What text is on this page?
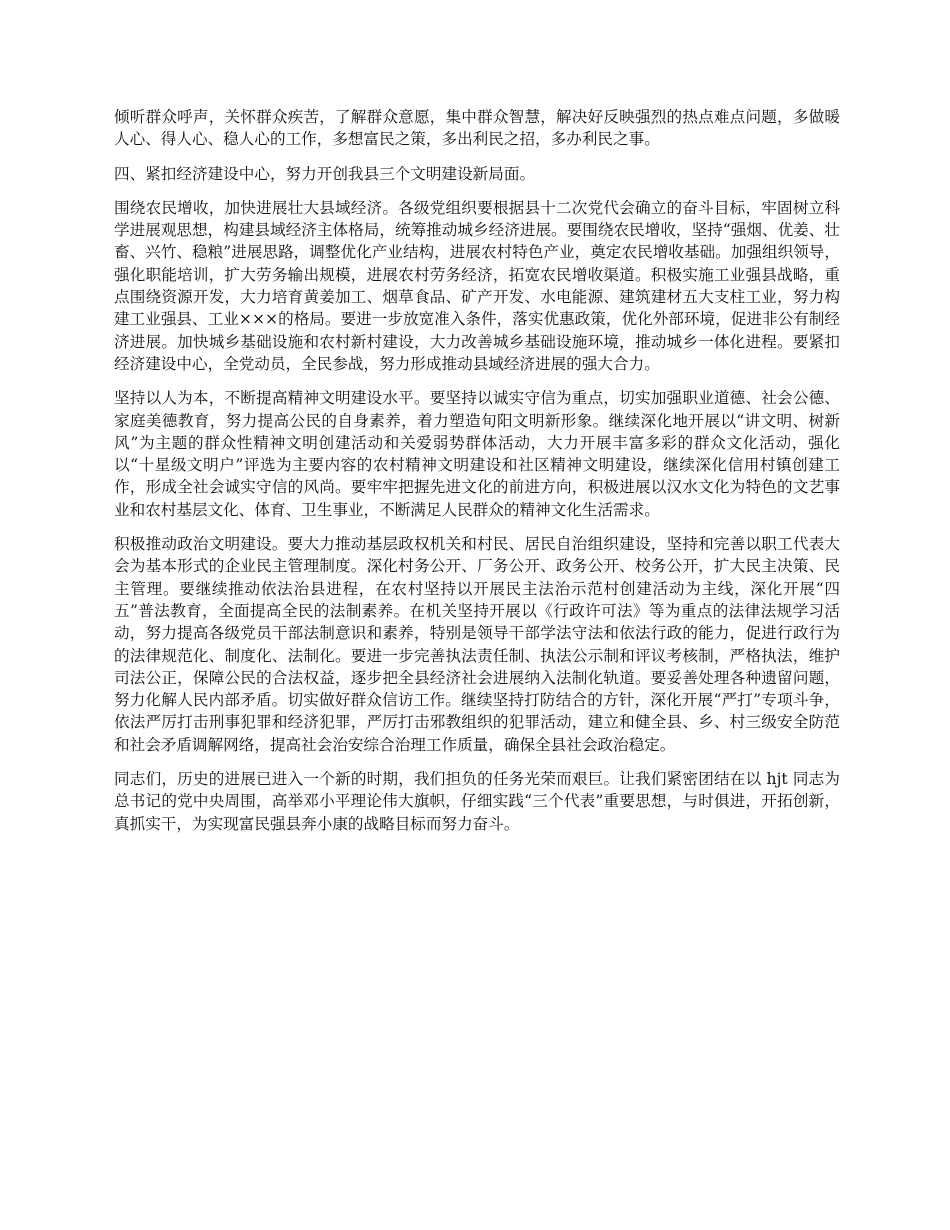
倾听群众呼声，关怀群众疾苦，了解群众意愿，集中群众智慧，解决好反映强烈的热点难点问题，多做暖人心、得人心、稳人心的工作，多想富民之策，多出利民之招，多办利民之事。

四、紧扣经济建设中心，努力开创我县三个文明建设新局面。

围绕农民增收，加快进展壮大县域经济。各级党组织要根据县十二次党代会确立的奋斗目标，牢固树立科学进展观思想，构建县域经济主体格局，统筹推动城乡经济进展。要围绕农民增收，坚持“强烟、优姜、壮畜、兴竹、稳粮”进展思路，调整优化产业结构，进展农村特色产业，奠定农民增收基础。加强组织领导，强化职能培训，扩大劳务输出规模，进展农村劳务经济，拓宽农民增收渠道。积极实施工业强县战略，重点围绕资源开发，大力培育黄姜加工、烟草食品、矿产开发、水电能源、建筑建材五大支柱工业，努力构建工业强县、工业×××的格局。要进一步放宽准入条件，落实优惠政策，优化外部环境，促进非公有制经济进展。加快城乡基础设施和农村新村建设，大力改善城乡基础设施环境，推动城乡一体化进程。要紧扣经济建设中心，全党动员，全民参战，努力形成推动县域经济进展的强大合力。

坚持以人为本，不断提高精神文明建设水平。要坚持以诚实守信为重点，切实加强职业道德、社会公德、家庭美德教育，努力提高公民的自身素养，着力塑造旬阳文明新形象。继续深化地开展以“讲文明、树新风”为主题的群众性精神文明创建活动和关爱弱势群体活动，大力开展丰富多彩的群众文化活动，强化以“十星级文明户”评选为主要内容的农村精神文明建设和社区精神文明建设，继续深化信用村镇创建工作，形成全社会诚实守信的风尚。要牢牢把握先进文化的前进方向，积极进展以汉水文化为特色的文艺事业和农村基层文化、体育、卫生事业，不断满足人民群众的精神文化生活需求。

积极推动政治文明建设。要大力推动基层政权机关和村民、居民自治组织建设，坚持和完善以职工代表大会为基本形式的企业民主管理制度。深化村务公开、厂务公开、政务公开、校务公开，扩大民主决策、民主管理。要继续推动依法治县进程，在农村坚持以开展民主法治示范村创建活动为主线，深化开展“四五”普法教育，全面提高全民的法制素养。在机关坚持开展以《行政许可法》等为重点的法律法规学习活动，努力提高各级党员干部法制意识和素养，特别是领导干部学法守法和依法行政的能力，促进行政行为的法律规范化、制度化、法制化。要进一步完善执法责任制、执法公示制和评议考核制，严格执法，维护司法公正，保障公民的合法权益，逐步把全县经济社会进展纳入法制化轨道。要妥善处理各种遗留问题，努力化解人民内部矛盾。切实做好群众信访工作。继续坚持打防结合的方针，深化开展“严打”专项斗争，依法严厉打击刑事犯罪和经济犯罪，严厉打击邪教组织的犯罪活动，建立和健全县、乡、村三级安全防范和社会矛盾调解网络，提高社会治安综合治理工作质量，确保全县社会政治稳定。

同志们，历史的进展已进入一个新的时期，我们担负的任务光荣而艰巨。让我们紧密团结在以 hjt 同志为总书记的党中央周围，高举邓小平理论伟大旗帜，仔细实践“三个代表”重要思想，与时俱进，开拓创新，真抓实干，为实现富民强县奔小康的战略目标而努力奋斗。
